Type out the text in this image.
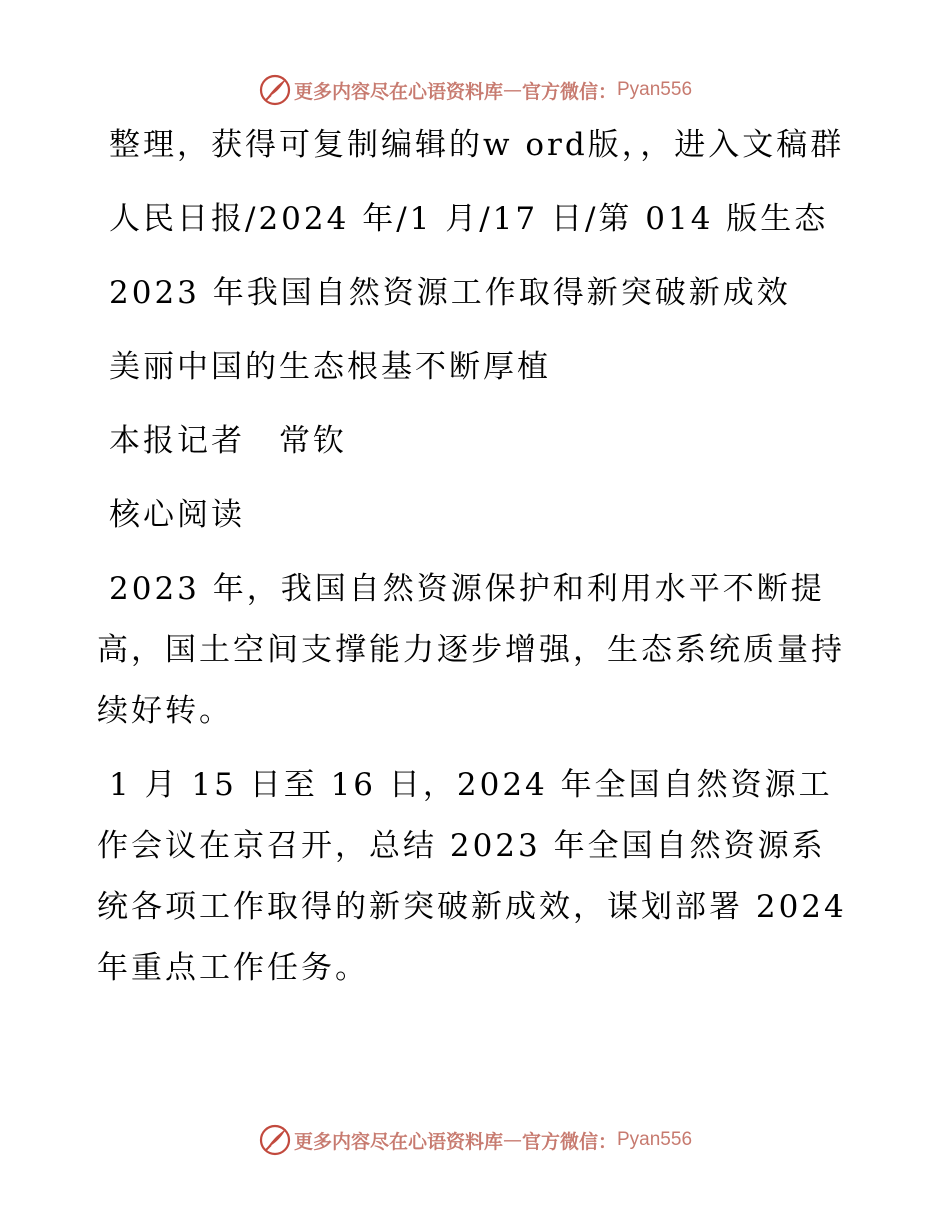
更多内容尽在心语资料库 — 官方微信： Pyan556

整理，获得可复制编辑的w ord版，，进入文稿群

人民日报/2024 年/1 月/17 日/第 014 版生态

2023 年我国自然资源工作取得新突破新成效

美丽中国的生态根基不断厚植

本报记者　常钦

核心阅读

2023 年，我国自然资源保护和利用水平不断提高，国土空间支撑能力逐步增强，生态系统质量持续好转。

1 月 15 日至 16 日，2024 年全国自然资源工作会议在京召开，总结 2023 年全国自然资源系统各项工作取得的新突破新成效，谋划部署 2024 年重点工作任务。

更多内容尽在心语资料库 — 官方微信： Pyan556
